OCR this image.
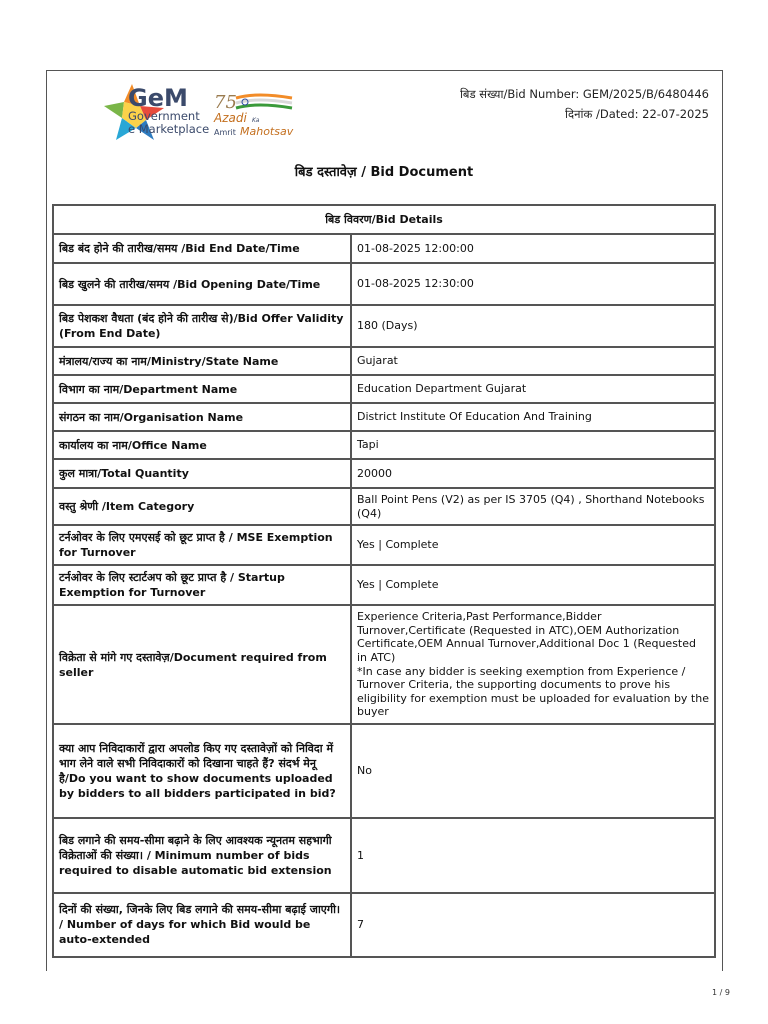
GeM
Government
e Marketplace
75
Azadi Ka
Amrit Mahotsav
बिड संख्या/Bid Number: GEM/2025/B/6480446
दिनांक /Dated: 22-07-2025
बिड दस्तावेज़ / Bid Document
बिड विवरण/Bid Details	
बिड बंद होने की तारीख/समय /Bid End Date/Time	01-08-2025 12:00:00
बिड खुलने की तारीख/समय /Bid Opening Date/Time	01-08-2025 12:30:00
बिड पेशकश वैधता (बंद होने की तारीख से)/Bid Offer Validity (From End Date)	180 (Days)
मंत्रालय/राज्य का नाम/Ministry/State Name	Gujarat
विभाग का नाम/Department Name	Education Department Gujarat
संगठन का नाम/Organisation Name	District Institute Of Education And Training
कार्यालय का नाम/Office Name	Tapi
कुल मात्रा/Total Quantity	20000
वस्तु श्रेणी /Item Category	Ball Point Pens (V2) as per IS 3705 (Q4) , Shorthand Notebooks (Q4)
टर्नओवर के लिए एमएसई को छूट प्राप्त है / MSE Exemption for Turnover	Yes | Complete
टर्नओवर के लिए स्टार्टअप को छूट प्राप्त है / Startup Exemption for Turnover	Yes | Complete
विक्रेता से मांगे गए दस्तावेज़/Document required from seller	Experience Criteria,Past Performance,Bidder Turnover,Certificate (Requested in ATC),OEM Authorization Certificate,OEM Annual Turnover,Additional Doc 1 (Requested in ATC)
*In case any bidder is seeking exemption from Experience / Turnover Criteria, the supporting documents to prove his eligibility for exemption must be uploaded for evaluation by the buyer
क्या आप निविदाकारों द्वारा अपलोड किए गए दस्तावेज़ों को निविदा में भाग लेने वाले सभी निविदाकारों को दिखाना चाहते हैं? संदर्भ मेनू है/Do you want to show documents uploaded by bidders to all bidders participated in bid?	No
बिड लगाने की समय-सीमा बढ़ाने के लिए आवश्यक न्यूनतम सहभागी विक्रेताओं की संख्या। / Minimum number of bids required to disable automatic bid extension	1
दिनों की संख्या, जिनके लिए बिड लगाने की समय-सीमा बढ़ाई जाएगी। / Number of days for which Bid would be auto-extended	7
1 / 9
